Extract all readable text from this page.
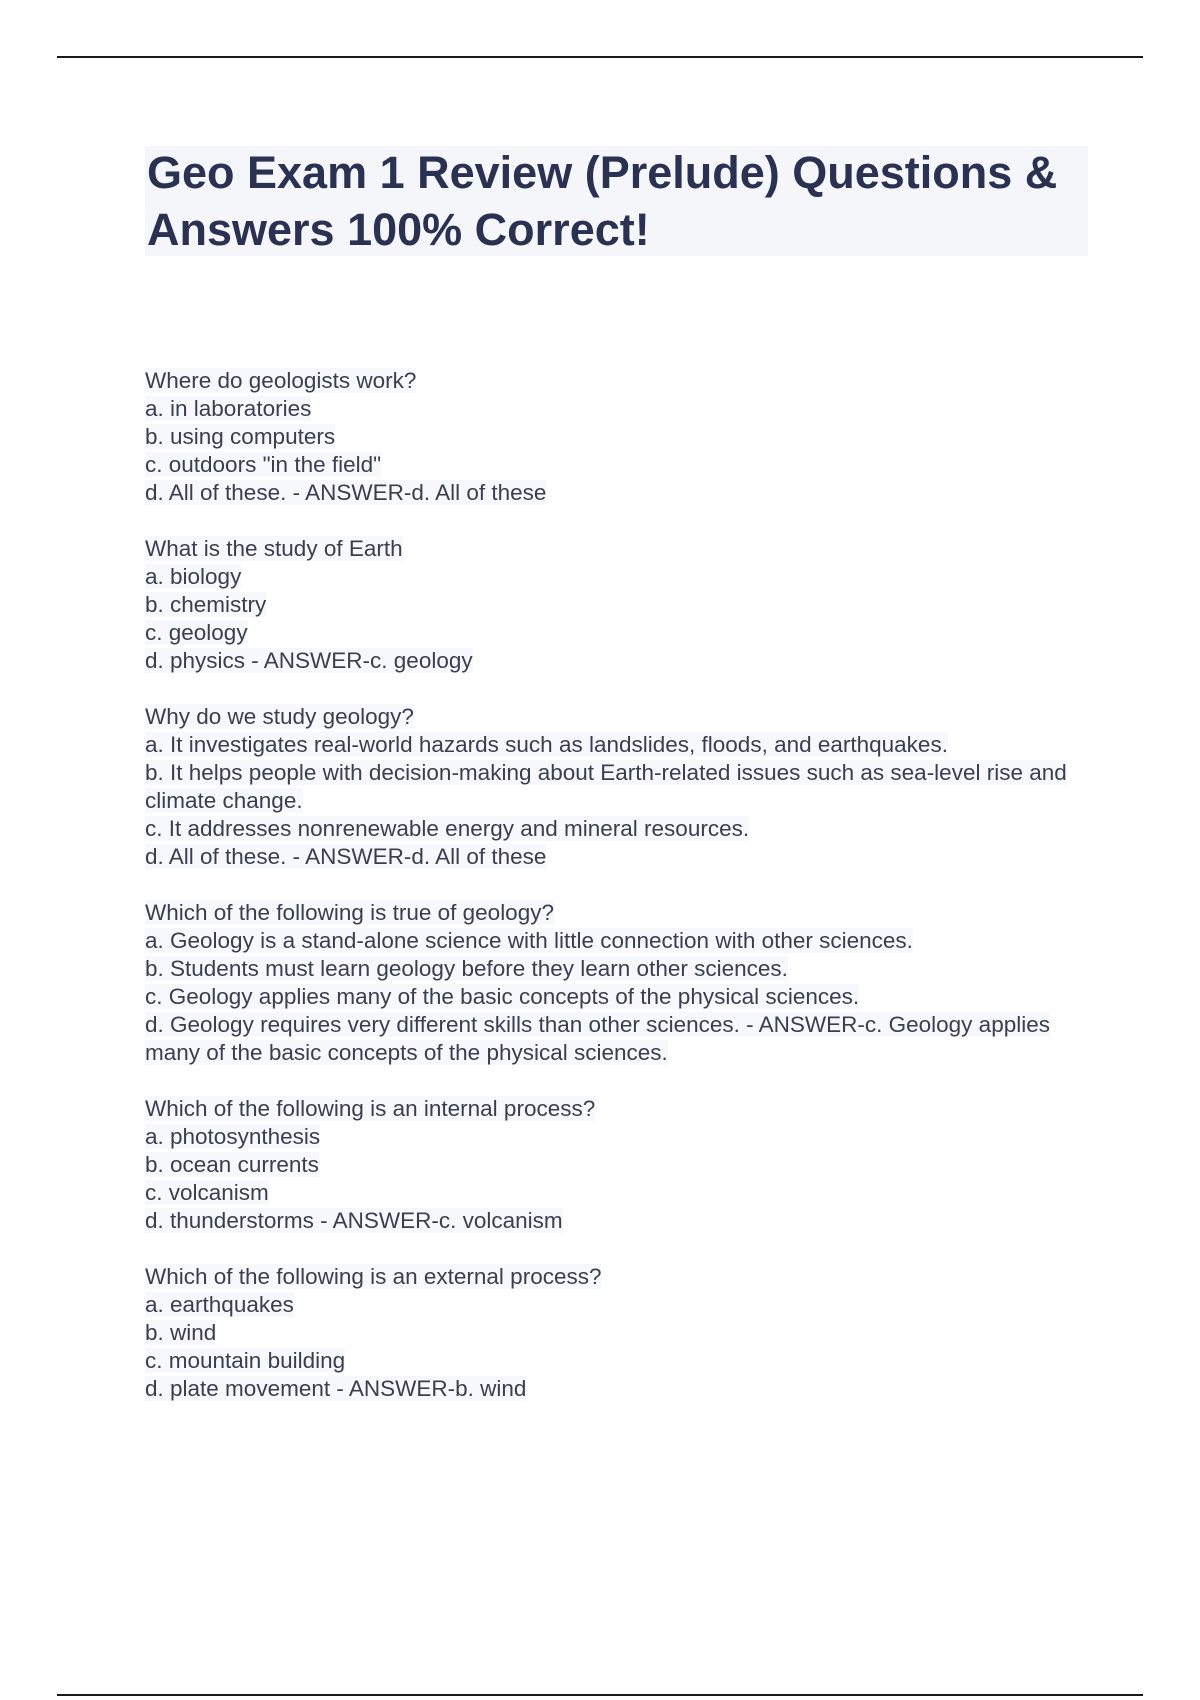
Geo Exam 1 Review (Prelude) Questions & Answers 100% Correct!
Where do geologists work?
a. in laboratories
b. using computers
c. outdoors "in the field"
d. All of these. - ANSWER-d. All of these
What is the study of Earth
a. biology
b. chemistry
c. geology
d. physics - ANSWER-c. geology
Why do we study geology?
a. It investigates real-world hazards such as landslides, floods, and earthquakes.
b. It helps people with decision-making about Earth-related issues such as sea-level rise and climate change.
c. It addresses nonrenewable energy and mineral resources.
d. All of these. - ANSWER-d. All of these
Which of the following is true of geology?
a. Geology is a stand-alone science with little connection with other sciences.
b. Students must learn geology before they learn other sciences.
c. Geology applies many of the basic concepts of the physical sciences.
d. Geology requires very different skills than other sciences. - ANSWER-c. Geology applies many of the basic concepts of the physical sciences.
Which of the following is an internal process?
a. photosynthesis
b. ocean currents
c. volcanism
d. thunderstorms - ANSWER-c. volcanism
Which of the following is an external process?
a. earthquakes
b. wind
c. mountain building
d. plate movement - ANSWER-b. wind
